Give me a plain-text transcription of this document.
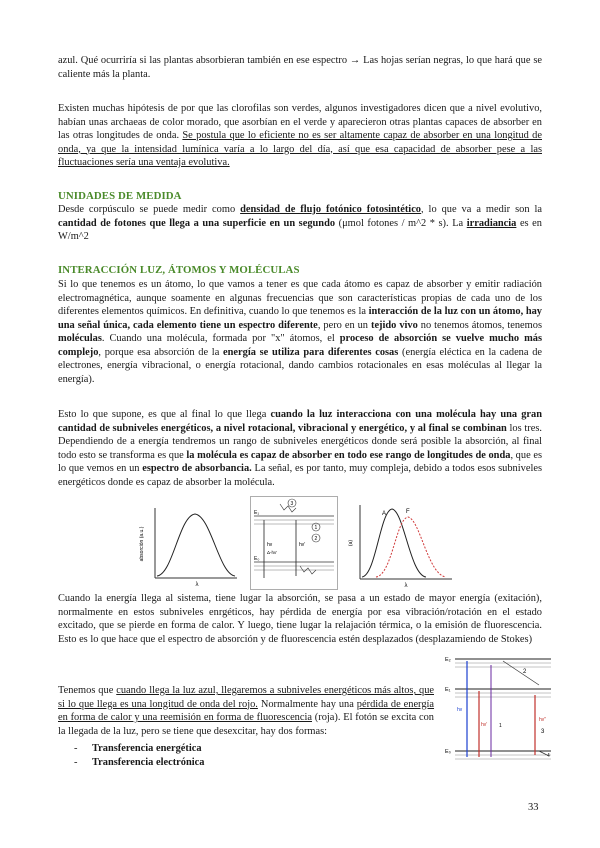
azul. Qué ocurriría si las plantas absorbieran también en ese espectro → Las hojas serían negras, lo que hará que se caliente más la planta.

Existen muchas hipótesis de por que las clorofilas son verdes, algunos investigadores dicen que a nivel evolutivo, habían unas archaeas de color morado, que asorbían en el verde y aparecieron otras plantas capaces de absorber en las otras longitudes de onda. Se postula que lo eficiente no es ser altamente capaz de absorber en una longitud de onda, ya que la intensidad lumínica varía a lo largo del día, así que esa capacidad de absorber pese a las fluctuaciones sería una ventaja evolutiva.

UNIDADES DE MEDIDA

Desde corpúsculo se puede medir como densidad de flujo fotónico fotosintético, lo que va a medir son la cantidad de fotones que llega a una superficie en un segundo (μmol fotones / m^2 * s). La irradiancia es en W/m^2

INTERACCIÓN LUZ, ÁTOMOS Y MOLÉCULAS

Si lo que tenemos es un átomo, lo que vamos a tener es que cada átomo es capaz de absorber y emitir radiación electromagnética, aunque soamente en algunas frecuencias que son características propias de cada uno de los diferentes elementos químicos. En definitiva, cuando lo que tenemos es la interacción de la luz con un átomo, hay una señal única, cada elemento tiene un espectro diferente, pero en un tejido vivo no tenemos átomos, tenemos moléculas. Cuando una molécula, formada por "x" átomos, el proceso de absorción se vuelve mucho más complejo, porque esa absorción de la energía se utiliza para diferentes cosas (energía eléctica en la cadena de electrones, energía vibracional, o energía rotacional, dando cambios rotacionales en esas moléculas al llegar la energía).

Esto lo que supone, es que al final lo que llega cuando la luz interacciona con una molécula hay una gran cantidad de subniveles energéticos, a nivel rotacional, vibracional y energético, y al final se combinan los tres. Dependiendo de a energía tendremos un rango de subniveles energéticos donde será posible la absorción, al final todo esto se transforma es que la molécula es capaz de absorber en todo ese rango de longitudes de onda, que es lo que vemos en un espectro de absorbancia. La señal, es por tanto, muy compleja, debido a todos esos subniveles energéticos donde es capaz de absorber la molécula.

absorción (a.u.)
λ
1
2
3
E₁
E₀
hν	hν′
Δ-hν′
A	F
(a)
λ

Cuando la energía llega al sistema, tiene lugar la absorción, se pasa a un estado de mayor energía (exitación), normalmente en estos subniveles enrgéticos, hay pérdida de energía por esa vibración/rotación en el estado excitado, que se pierde en forma de calor. Y luego, tiene lugar la relajación térmica, o la emisión de fluorescencia. Esto es lo que hace que el espectro de absorción y de fluorescencia estén desplazados (desplazamiendo de Stokes)

Tenemos que cuando llega la luz azul, llegaremos a subniveles energéticos más altos, que si lo que llega es una longitud de onda del rojo. Normalmente hay una pérdida de energía en forma de calor y una reemisión en forma de fluorescencia (roja). El fotón se excita con la llegada de la luz, pero se tiene que desexcitar, hay dos formas:

- Transferencia energética
- Transferencia electrónica
E₂
E₁
E₀
hν
hν′
hν″
1
2
3
4
33
